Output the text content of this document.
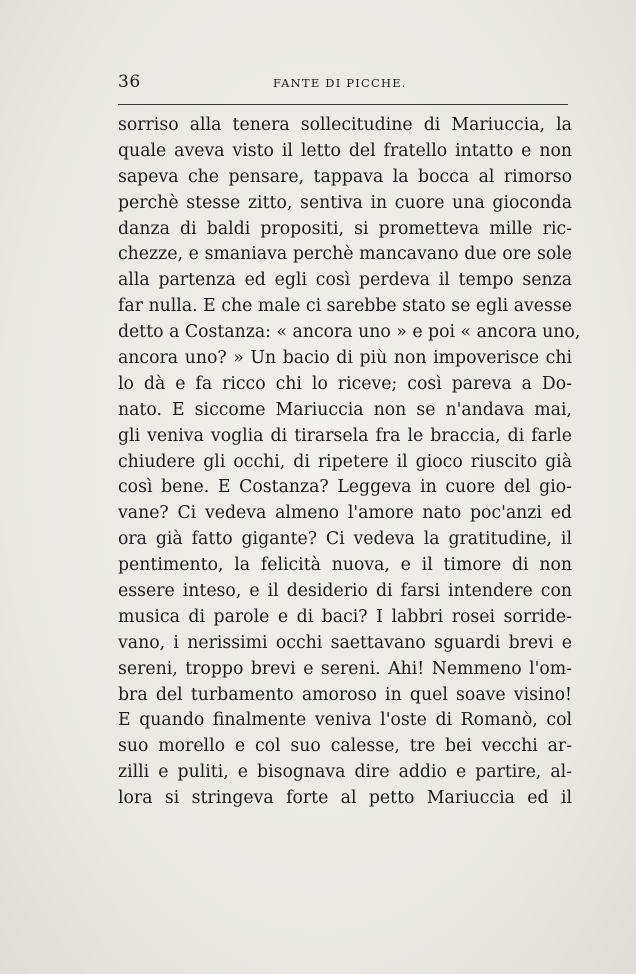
36	FANTE DI PICCHE.
sorriso alla tenera sollecitudine di Mariuccia, la
quale aveva visto il letto del fratello intatto e non
sapeva che pensare, tappava la bocca al rimorso
perchè stesse zitto, sentiva in cuore una gioconda
danza di baldi propositi, si prometteva mille ric-
chezze, e smaniava perchè mancavano due ore sole
alla partenza ed egli così perdeva il tempo senza
far nulla. E che male ci sarebbe stato se egli avesse
detto a Costanza: « ancora uno » e poi « ancora uno,
ancora uno? » Un bacio di più non impoverisce chi
lo dà e fa ricco chi lo riceve; così pareva a Do-
nato. E siccome Mariuccia non se n'andava mai,
gli veniva voglia di tirarsela fra le braccia, di farle
chiudere gli occhi, di ripetere il gioco riuscito già
così bene. E Costanza? Leggeva in cuore del gio-
vane? Ci vedeva almeno l'amore nato poc'anzi ed
ora già fatto gigante? Ci vedeva la gratitudine, il
pentimento, la felicità nuova, e il timore di non
essere inteso, e il desiderio di farsi intendere con
musica di parole e di baci? I labbri rosei sorride-
vano, i nerissimi occhi saettavano sguardi brevi e
sereni, troppo brevi e sereni. Ahi! Nemmeno l'om-
bra del turbamento amoroso in quel soave visino!
E quando finalmente veniva l'oste di Romanò, col
suo morello e col suo calesse, tre bei vecchi ar-
zilli e puliti, e bisognava dire addio e partire, al-
lora si stringeva forte al petto Mariuccia ed il
